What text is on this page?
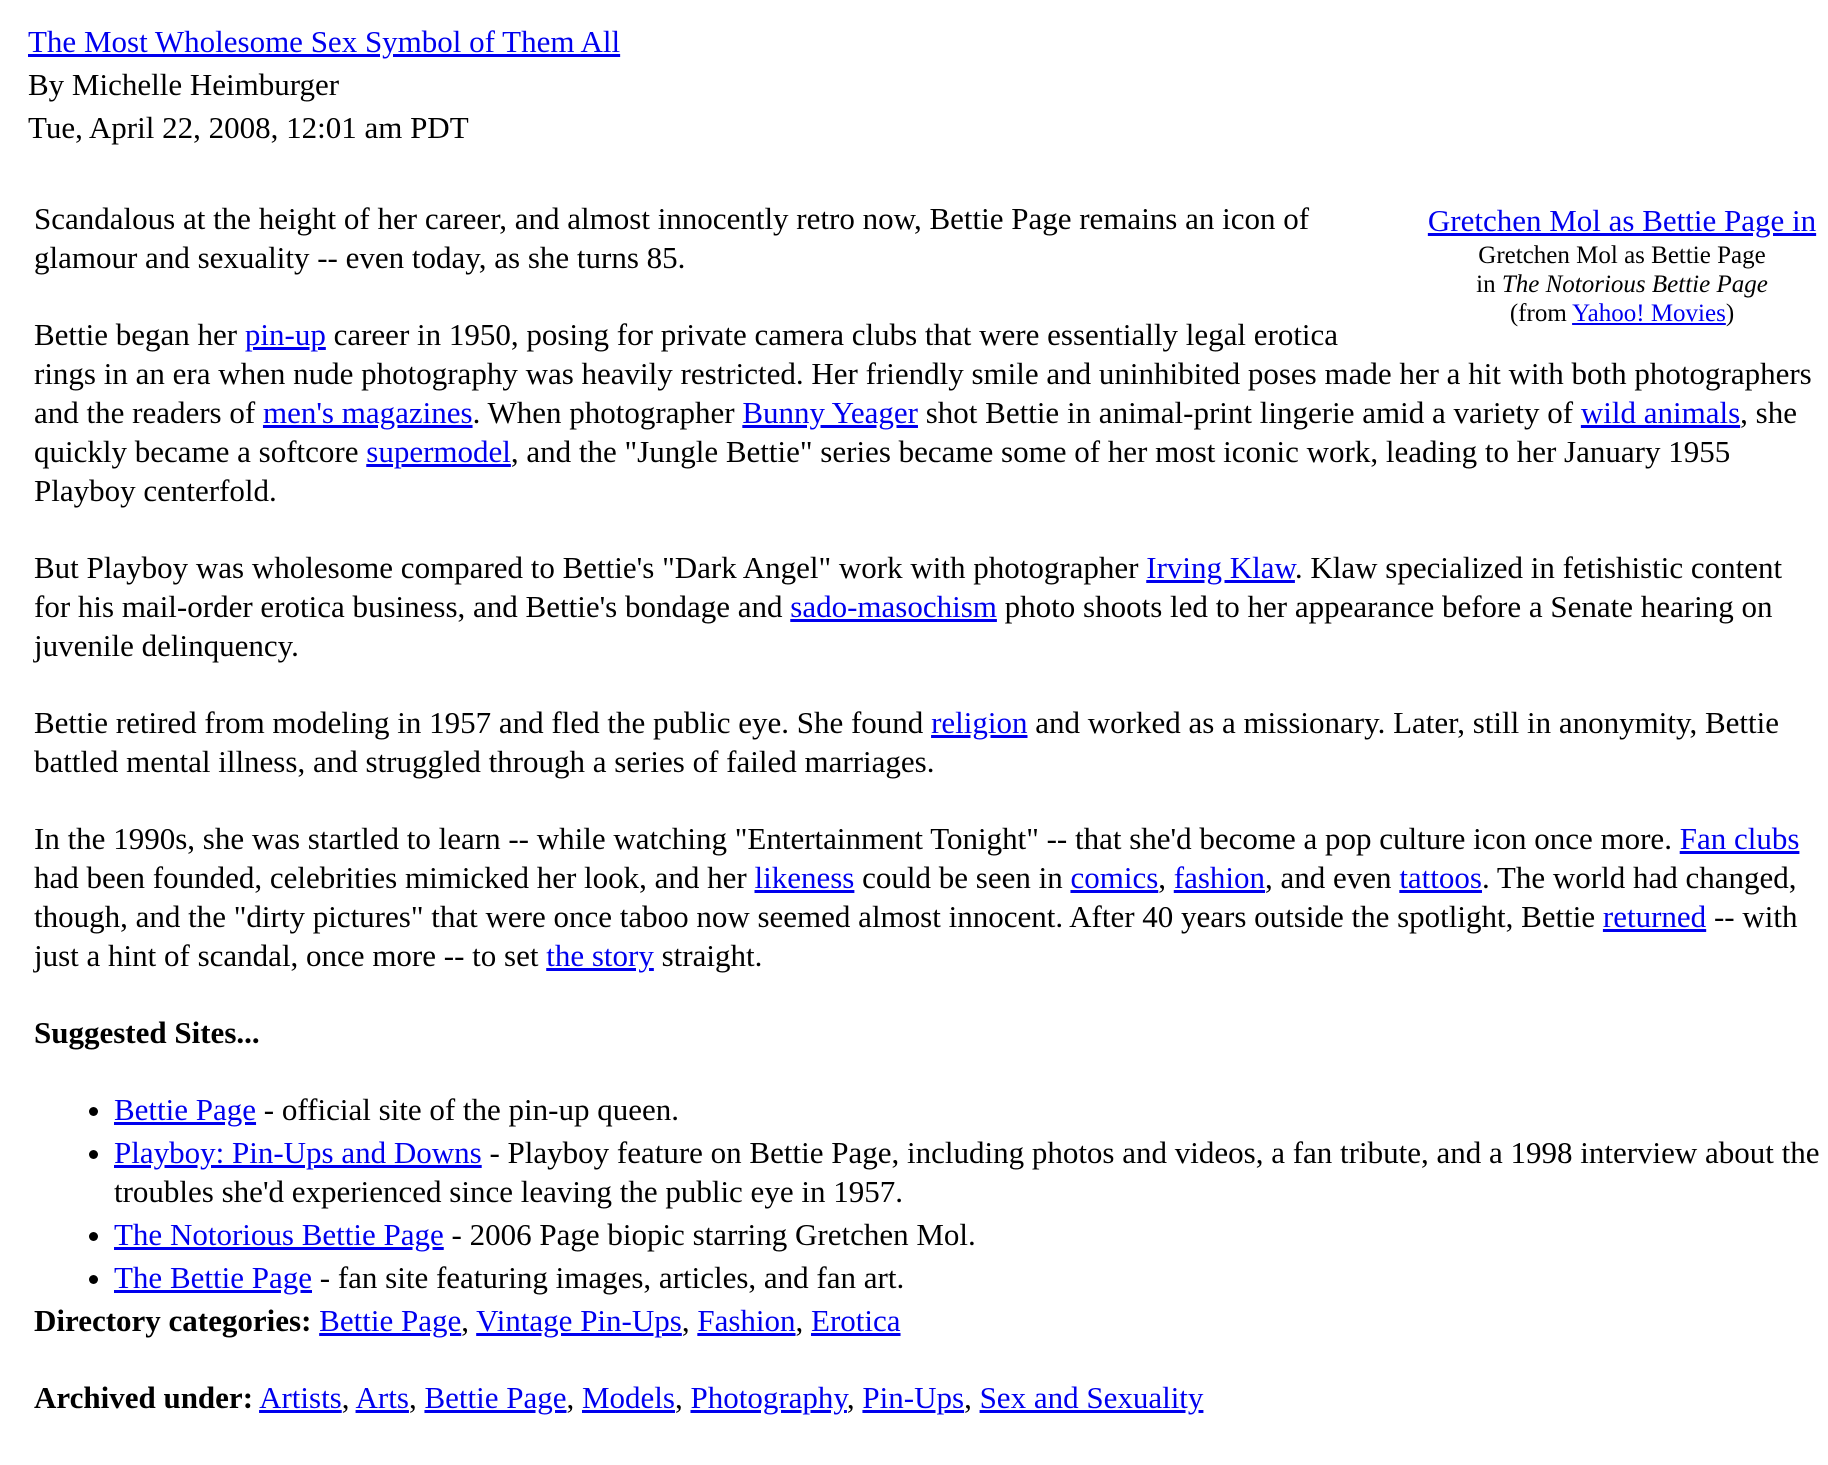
The Most Wholesome Sex Symbol of Them All
By Michelle Heimburger
Tue, April 22, 2008, 12:01 am PDT
Gretchen Mol as Bettie Page in
Gretchen Mol as Bettie Page
in The Notorious Bettie Page
(from Yahoo! Movies)

Scandalous at the height of her career, and almost innocently retro now, Bettie Page remains an icon of glamour and sexuality -- even today, as she turns 85.

Bettie began her pin-up career in 1950, posing for private camera clubs that were essentially legal erotica rings in an era when nude photography was heavily restricted. Her friendly smile and uninhibited poses made her a hit with both photographers and the readers of men's magazines. When photographer Bunny Yeager shot Bettie in animal-print lingerie amid a variety of wild animals, she quickly became a softcore supermodel, and the "Jungle Bettie" series became some of her most iconic work, leading to her January 1955 Playboy centerfold.

But Playboy was wholesome compared to Bettie's "Dark Angel" work with photographer Irving Klaw. Klaw specialized in fetishistic content for his mail-order erotica business, and Bettie's bondage and sado-masochism photo shoots led to her appearance before a Senate hearing on juvenile delinquency.

Bettie retired from modeling in 1957 and fled the public eye. She found religion and worked as a missionary. Later, still in anonymity, Bettie battled mental illness, and struggled through a series of failed marriages.

In the 1990s, she was startled to learn -- while watching "Entertainment Tonight" -- that she'd become a pop culture icon once more. Fan clubs had been founded, celebrities mimicked her look, and her likeness could be seen in comics, fashion, and even tattoos. The world had changed, though, and the "dirty pictures" that were once taboo now seemed almost innocent. After 40 years outside the spotlight, Bettie returned -- with just a hint of scandal, once more -- to set the story straight.

Suggested Sites...

• Bettie Page - official site of the pin-up queen.
• Playboy: Pin-Ups and Downs - Playboy feature on Bettie Page, including photos and videos, a fan tribute, and a 1998 interview about the troubles she'd experienced since leaving the public eye in 1957.
• The Notorious Bettie Page - 2006 Page biopic starring Gretchen Mol.
• The Bettie Page - fan site featuring images, articles, and fan art.

Directory categories: Bettie Page, Vintage Pin-Ups, Fashion, Erotica

Archived under: Artists, Arts, Bettie Page, Models, Photography, Pin-Ups, Sex and Sexuality
